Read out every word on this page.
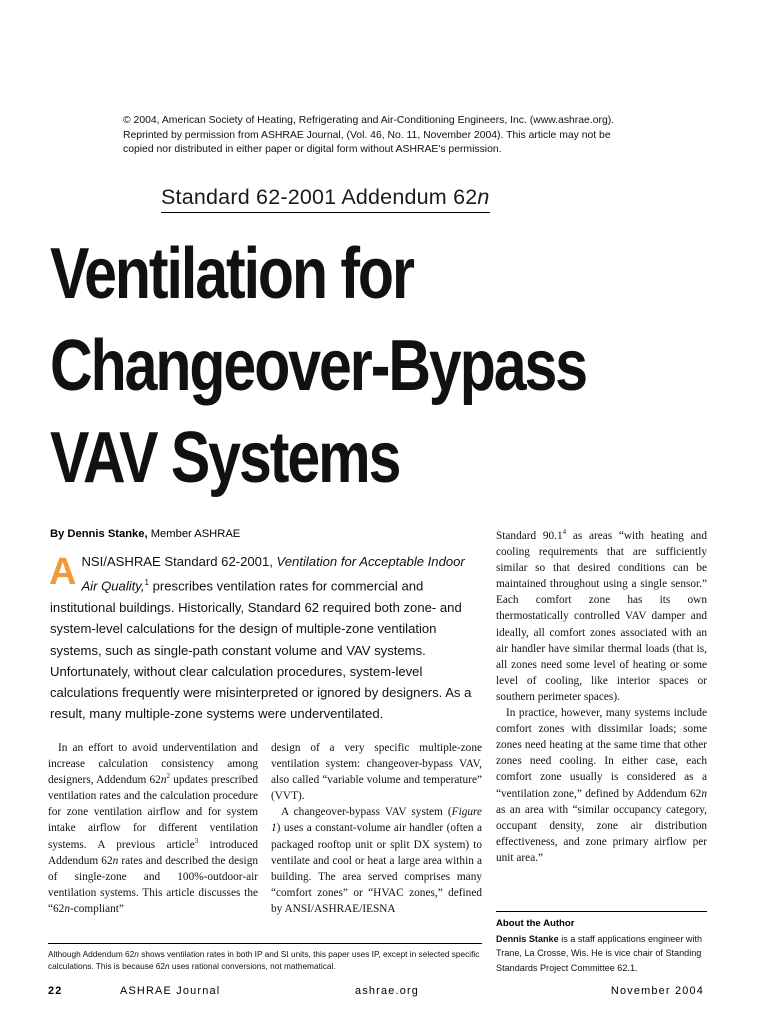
© 2004, American Society of Heating, Refrigerating and Air-Conditioning Engineers, Inc. (www.ashrae.org). Reprinted by permission from ASHRAE Journal, (Vol. 46, No. 11, November 2004). This article may not be copied nor distributed in either paper or digital form without ASHRAE's permission.
Standard 62-2001 Addendum 62n
Ventilation for
Changeover-Bypass
VAV Systems
By Dennis Stanke, Member ASHRAE
ANSI/ASHRAE Standard 62-2001, Ventilation for Acceptable Indoor Air Quality,$^1$ prescribes ventilation rates for commercial and institutional buildings. Historically, Standard 62 required both zone- and system-level calculations for the design of multiple-zone ventilation systems, such as single-path constant volume and VAV systems. Unfortunately, without clear calculation procedures, system-level calculations frequently were misinterpreted or ignored by designers. As a result, many multiple-zone systems were underventilated.

In an effort to avoid underventilation and increase calculation consistency among designers, Addendum $62n^2$ updates prescribed ventilation rates and the calculation procedure for zone ventilation airflow and for system intake airflow for different ventilation systems. A previous article$^3$ introduced Addendum 62n rates and described the design of single-zone and 100%-outdoor-air ventilation systems. This article discusses the “62n-compliant”

design of a very specific multiple-zone ventilation system: changeover-bypass VAV, also called “variable volume and temperature” (VVT).

A changeover-bypass VAV system (Figure 1) uses a constant-volume air handler (often a packaged rooftop unit or split DX system) to ventilate and cool or heat a large area within a building. The area served comprises many “comfort zones” or “HVAC zones,” defined by ANSI/ASHRAE/IESNA

Standard 90.1$^4$ as areas “with heating and cooling requirements that are sufficiently similar so that desired conditions can be maintained throughout using a single sensor.” Each comfort zone has its own thermostatically controlled VAV damper and ideally, all comfort zones associated with an air handler have similar thermal loads (that is, all zones need some level of heating or some level of cooling, like interior spaces or southern perimeter spaces).

In practice, however, many systems include comfort zones with dissimilar loads; some zones need heating at the same time that other zones need cooling. In either case, each comfort zone usually is considered as a “ventilation zone,” defined by Addendum 62n as an area with “similar occupancy category, occupant density, zone air distribution effectiveness, and zone primary airflow per unit area.”

About the Author
Dennis Stanke is a staff applications engineer with Trane, La Crosse, Wis. He is vice chair of Standing Standards Project Committee 62.1.
Although Addendum 62n shows ventilation rates in both IP and SI units, this paper uses IP, except in selected specific calculations. This is because 62n uses rational conversions, not mathematical.
22	ASHRAE Journal	ashrae.org	November 2004
